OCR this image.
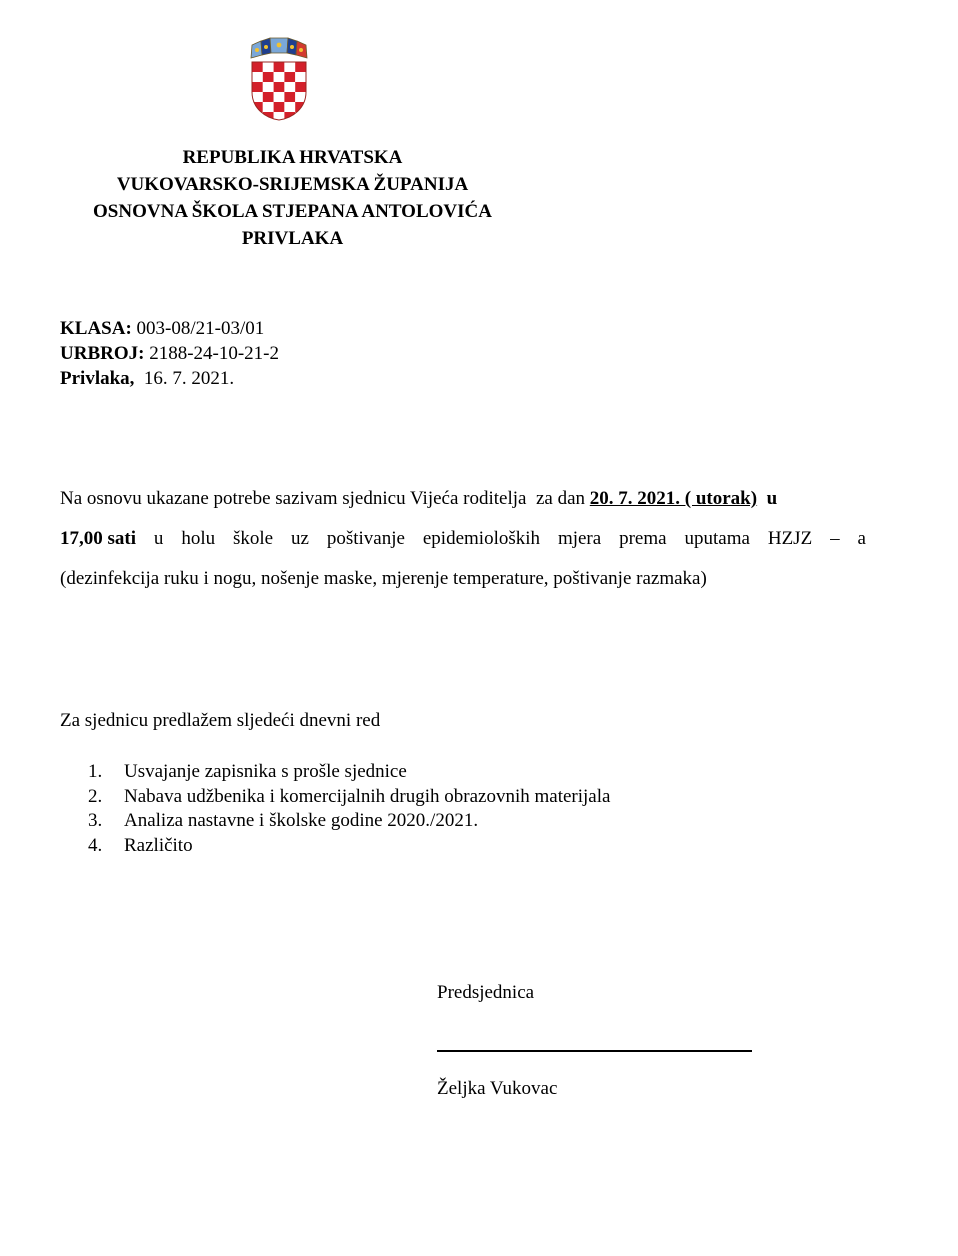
REPUBLIKA HRVATSKA
VUKOVARSKO-SRIJEMSKA ŽUPANIJA
OSNOVNA ŠKOLA STJEPANA ANTOLOVIĆA
PRIVLAKA
KLASA: 003-08/21-03/01
URBROJ: 2188-24-10-21-2
Privlaka, 16. 7. 2021.
Na osnovu ukazane potrebe sazivam sjednicu Vijeća roditelja  za dan 20. 7. 2021. ( utorak) u
17,00 sati u holu škole uz poštivanje epidemioloških mjera prema uputama HZJZ – a
(dezinfekcija ruku i nogu, nošenje maske, mjerenje temperature, poštivanje razmaka)
Za sjednicu predlažem sljedeći dnevni red
1.	Usvajanje zapisnika s prošle sjednice
2.	Nabava udžbenika i komercijalnih drugih obrazovnih materijala
3.	Analiza nastavne i školske godine 2020./2021.
4.	Različito
Predsjednica
Željka Vukovac
